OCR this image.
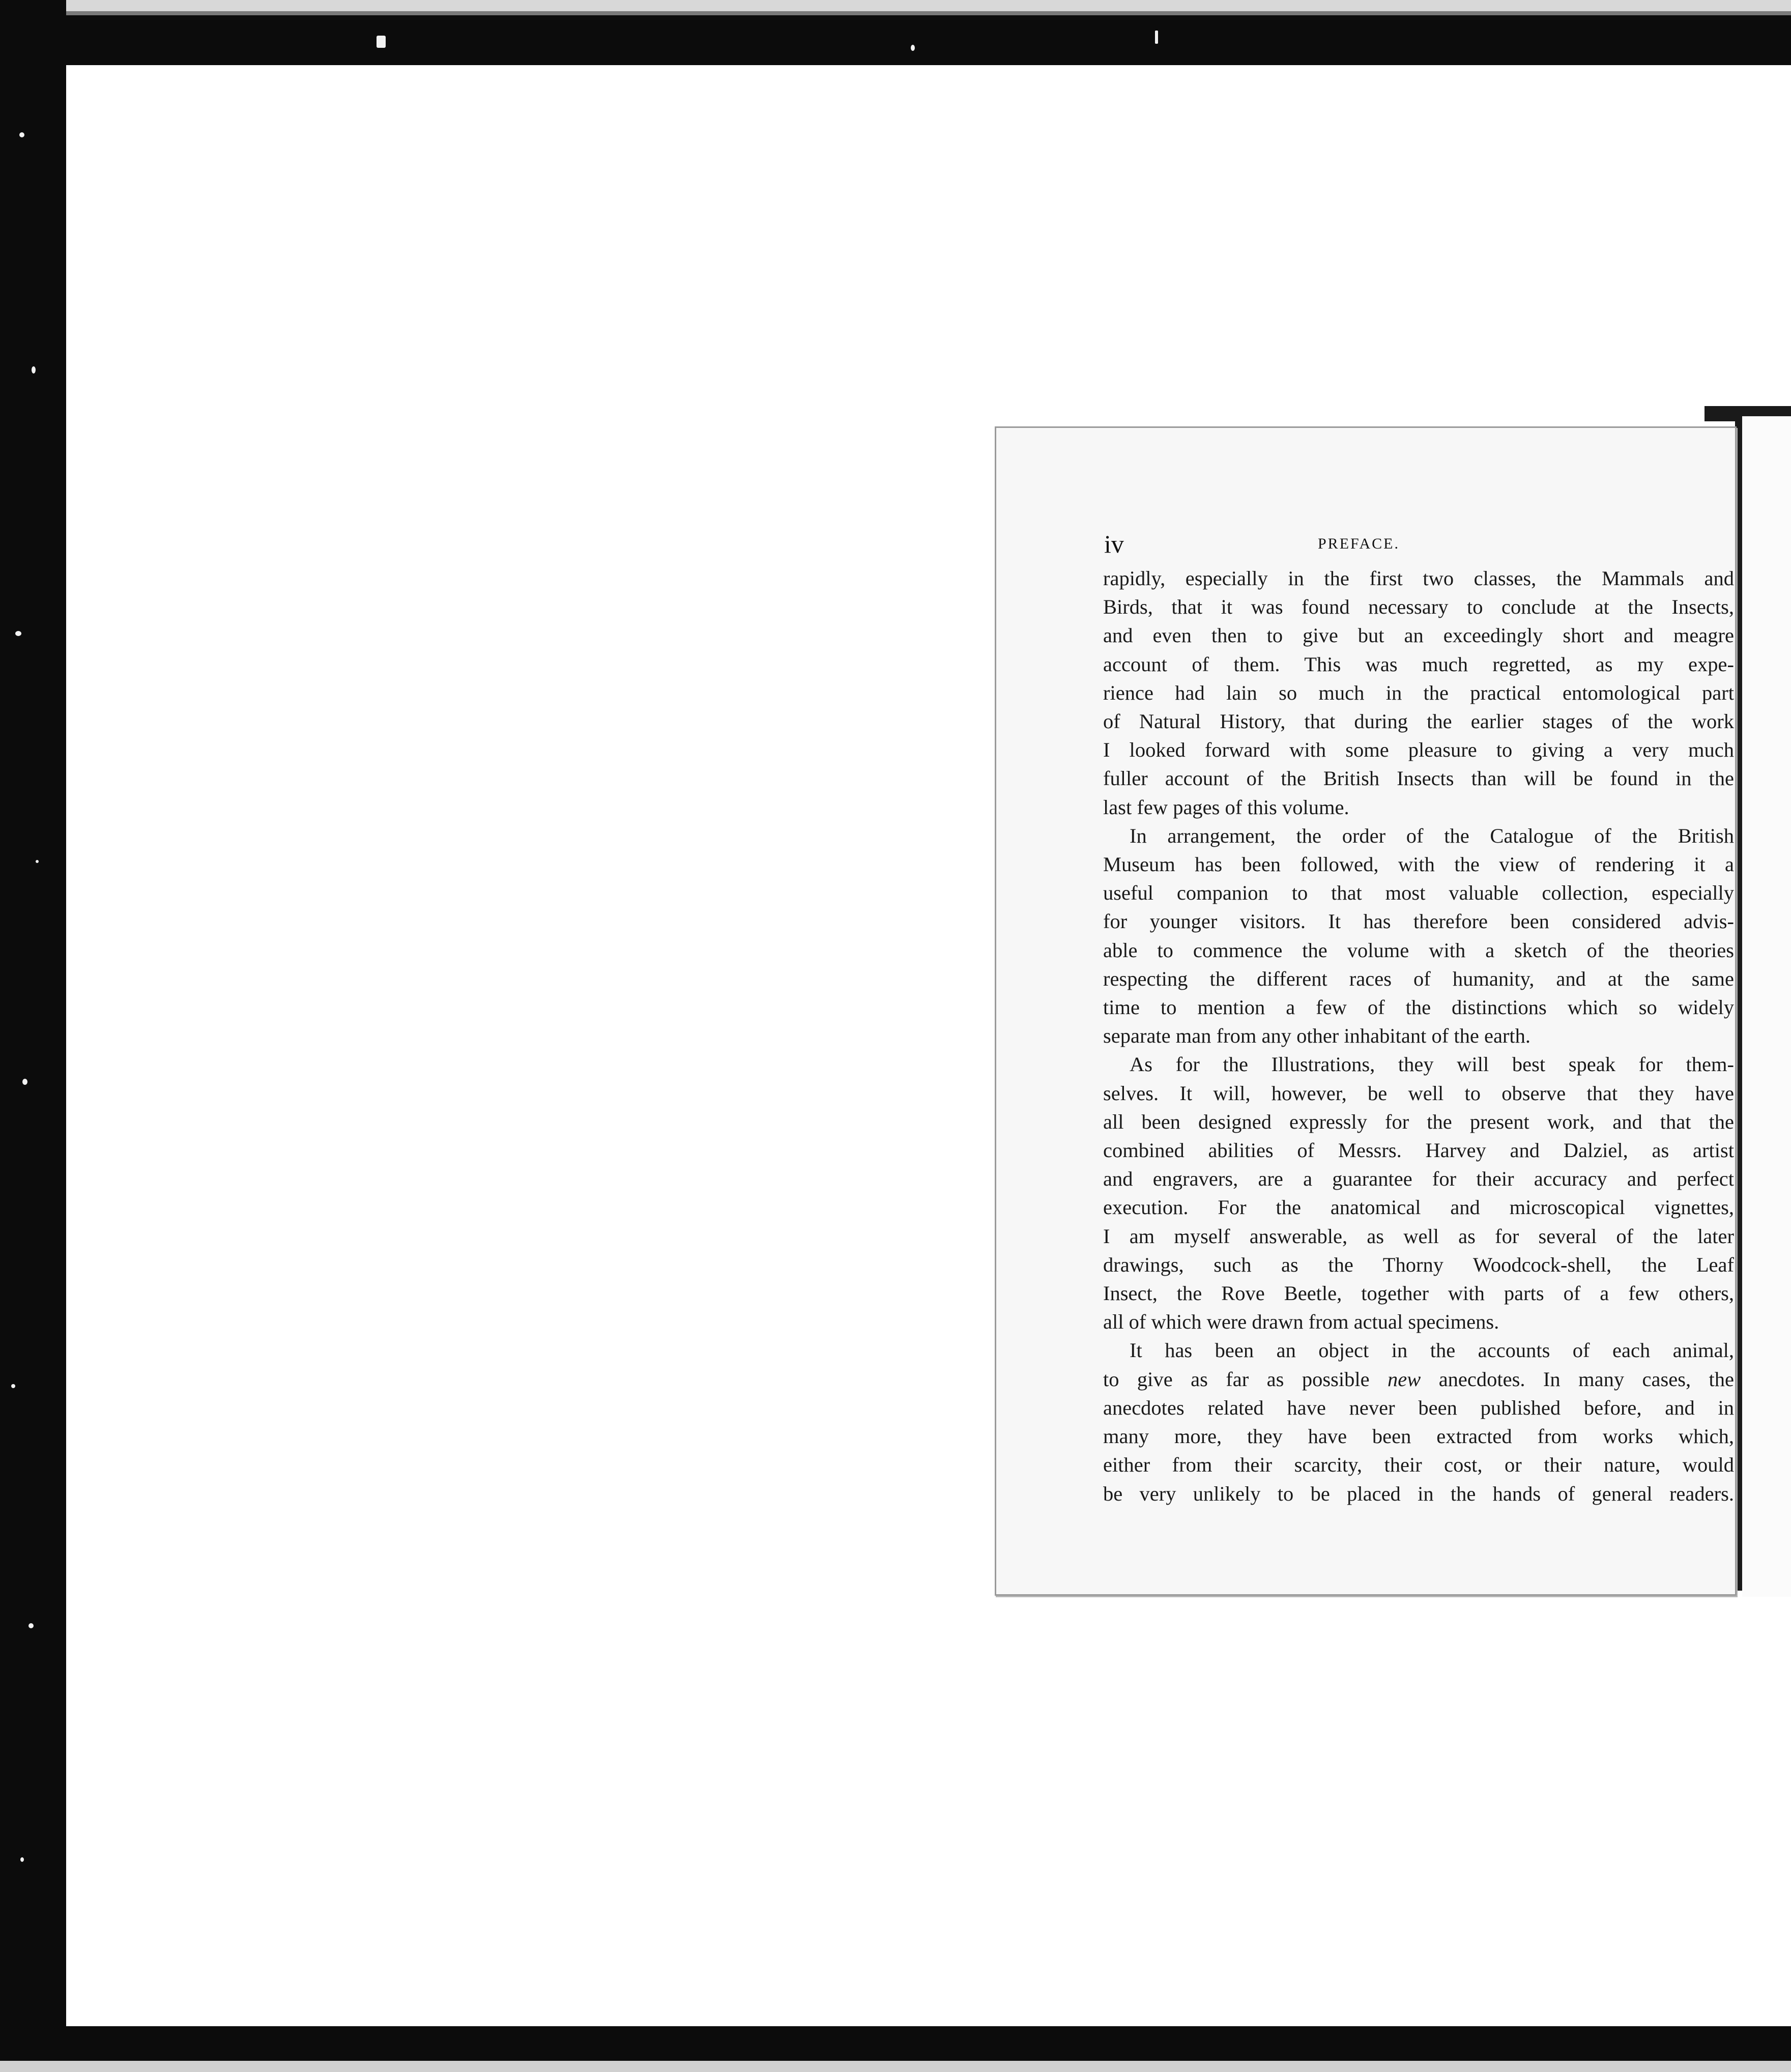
iv	PREFACE.
rapidly, especially in the first two classes, the Mammals and
Birds, that it was found necessary to conclude at the Insects,
and even then to give but an exceedingly short and meagre
account of them. This was much regretted, as my expe-
rience had lain so much in the practical entomological part
of Natural History, that during the earlier stages of the work
I looked forward with some pleasure to giving a very much
fuller account of the British Insects than will be found in the
last few pages of this volume.
In arrangement, the order of the Catalogue of the British
Museum has been followed, with the view of rendering it a
useful companion to that most valuable collection, especially
for younger visitors. It has therefore been considered advis-
able to commence the volume with a sketch of the theories
respecting the different races of humanity, and at the same
time to mention a few of the distinctions which so widely
separate man from any other inhabitant of the earth.
As for the Illustrations, they will best speak for them-
selves. It will, however, be well to observe that they have
all been designed expressly for the present work, and that the
combined abilities of Messrs. Harvey and Dalziel, as artist
and engravers, are a guarantee for their accuracy and perfect
execution. For the anatomical and microscopical vignettes,
I am myself answerable, as well as for several of the later
drawings, such as the Thorny Woodcock-shell, the Leaf
Insect, the Rove Beetle, together with parts of a few others,
all of which were drawn from actual specimens.
It has been an object in the accounts of each animal,
to give as far as possible new anecdotes. In many cases, the
anecdotes related have never been published before, and in
many more, they have been extracted from works which,
either from their scarcity, their cost, or their nature, would
be very unlikely to be placed in the hands of general readers.
